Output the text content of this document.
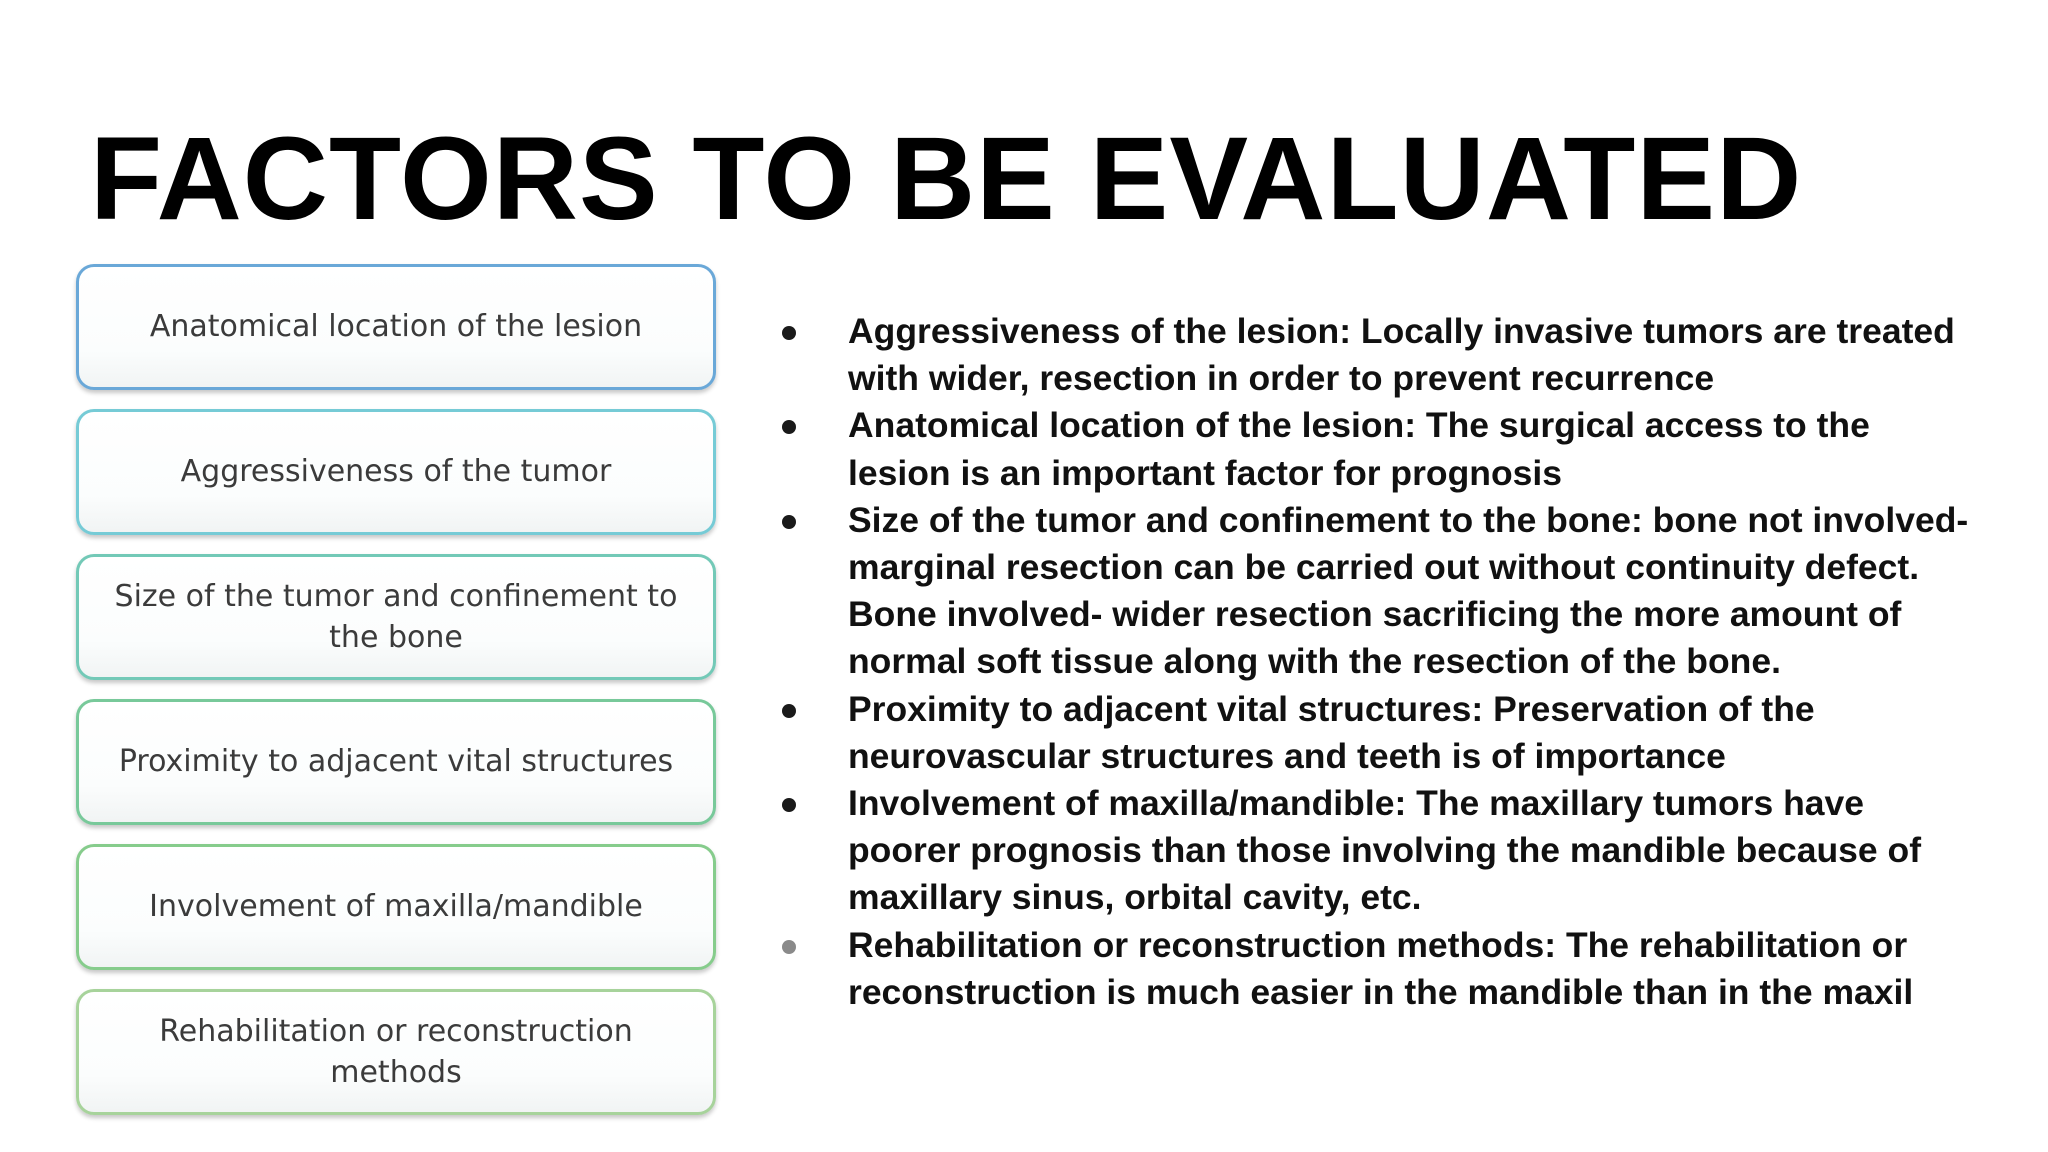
FACTORS TO BE EVALUATED
Anatomical location of the lesion
Aggressiveness of the tumor
Size of the tumor and confinement to the bone
Proximity to adjacent vital structures
Involvement of maxilla/mandible
Rehabilitation or reconstruction methods
Aggressiveness of the lesion: Locally invasive tumors are treated with wider, resection in order to prevent recurrence
Anatomical location of the lesion: The surgical access to the lesion is an important factor for prognosis
Size of the tumor and confinement to the bone: bone not involved- marginal resection can be carried out without continuity defect. Bone involved- wider resection sacrificing the more amount of normal soft tissue along with the resection of the bone.
Proximity to adjacent vital structures: Preservation of the neurovascular structures and teeth is of importance
Involvement of maxilla/mandible: The maxillary tumors have poorer prognosis than those involving the mandible because of maxillary sinus, orbital cavity, etc.
Rehabilitation or reconstruction methods: The rehabilitation or reconstruction is much easier in the mandible than in the maxil
